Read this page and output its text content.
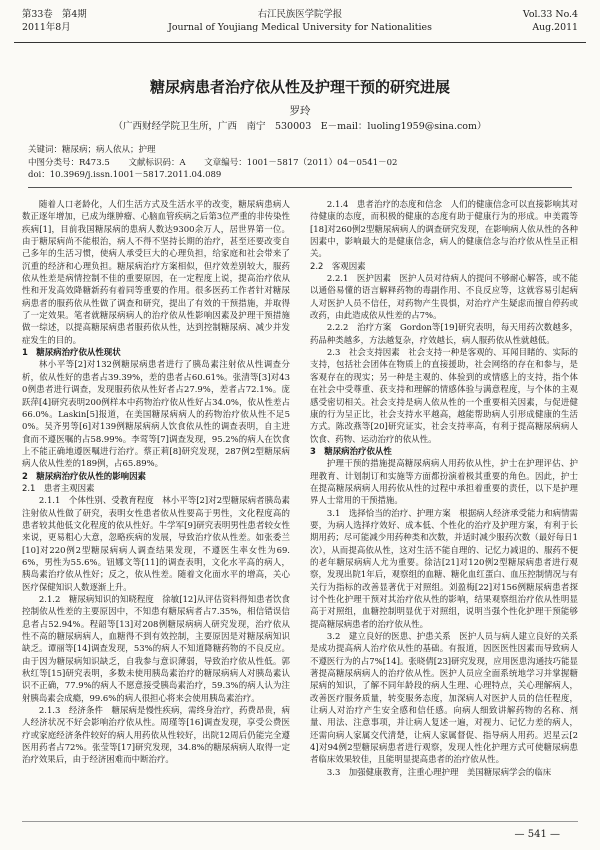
第33卷　第4期
2011年8月
右江民族医学院学报
Journal of Youjiang Medical University for Nationalities
Vol.33 No.4
Aug.2011
糖尿病患者治疗依从性及护理干预的研究进展
罗玲
（广西财经学院卫生所，广西　南宁　530003　E－mail：luoling1959@sina.com）
关键词：糖尿病；病人依从；护理
中图分类号：R473.5 文献标识码：A 文章编号：1001－5817（2011）04－0541－02
doi：10.3969/j.issn.1001－5817.2011.04.089

随着人口老龄化，人们生活方式及生活水平的改变，糖尿病患病人数正逐年增加，已成为继肿瘤、心脑血管疾病之后第3位严重的非传染性疾病[1]，目前我国糖尿病的患病人数达9300余万人，居世界第一位。由于糖尿病尚不能根治，病人不得不坚持长期的治疗，甚至还要改变自己多年的生活习惯，使病人承受巨大的心理负担，给家庭和社会带来了沉重的经济和心理负担。糖尿病治疗方案相似，但疗效差别较大，服药依从性差是病情控制不佳的重要原因，在一定程度上说，提高治疗依从性和开发高效降糖新药有着同等重要的作用。很多医药工作者针对糖尿病患者的服药依从性做了调查和研究，提出了有效的干预措施，并取得了一定效果。笔者就糖尿病病人的治疗依从性影响因素及护理干预措施做一综述，以提高糖尿病患者服药依从性，达到控制糖尿病、减少并发症发生的目的。

1　糖尿病治疗依从性现状

林小平等[2]对132例糖尿病患者进行了胰岛素注射依从性调查分析，依从性好的患者占39.39%，差的患者占60.61%。张清等[3]对430例患者进行调查，发现服药依从性好者占27.9%，差者占72.1%。庞跃萍[4]研究表明200例样本中药物治疗依从性好占34.0%，依从性差占66.0%。Laskin[5]报道，在美国糖尿病病人的药物治疗依从性不足50%。吴齐男等[6]对139例糖尿病病人饮食依从性的调查表明，自主进食而不遵医嘱的占58.99%。李莺等[7]调查发现，95.2%的病人在饮食上不能正确地遵医嘱进行治疗。蔡正莉[8]研究发现，287例2型糖尿病病人依从性差的189例，占65.89%。

2　糖尿病治疗依从性的影响因素

2.1　患者主观因素

2.1.1　个体性别、受教育程度　林小平等[2]对2型糖尿病者胰岛素注射依从性做了研究，表明女性患者依从性要高于男性，文化程度高的患者较其他低文化程度的依从性好。牛学军[9]研究表明男性患者较女性来说，更易粗心大意，忽略疾病的发展，导致治疗依从性差。如张委兰[10]对220例2型糖尿病病人调查结果发现，不遵医生率女性为69.6%，男性为55.6%。钮娜文等[11]的调查表明，文化水平高的病人，胰岛素治疗依从性好；反之，依从性差。随着文化面水平的增高，关心医疗保健知识人数逐渐上升。

2.1.2　糖尿病知识的知晓程度　徐敏[12]从评估资料得知患者饮食控制依从性差的主要原因中，不知患有糖尿病者占7.35%，相信错误信息者占52.94%。程韶等[13]对208例糖尿病病人研究发现，治疗依从性不高的糖尿病病人，血糖得不到有效控制，主要原因是对糖尿病知识缺乏。谭丽等[14]调查发现，53%的病人不知道降糖药物的不良反应。由于因为糖尿病知识缺乏，自我参与意识薄弱，导致治疗依从性低。郭秋红等[15]研究表明，多数未使用胰岛素治疗的糖尿病病人对胰岛素认识不正确，77.9%的病人不愿意接受胰岛素治疗，59.3%的病人认为注射胰岛素会成瘾，99.6%的病人很担心将来会使用胰岛素治疗。

2.1.3　经济条件　糖尿病是慢性疾病，需终身治疗，药费昂贵，病人经济状况不好会影响治疗依从性。周瑾等[16]调查发现，享受公费医疗或家庭经济条件较好的病人用药依从性较好，出院12周后仍能完全遵医用药者占72%。张莹等[17]研究发现，34.8%的糖尿病病人取得一定治疗效果后，由于经济困难而中断治疗。

2.1.4　患者治疗的态度和信念　人们的健康信念可以直接影响其对待健康的态度，而积极的健康的态度有助于健康行为的形成。申美霞等[18]对260例2型糖尿病病人的调查研究发现，在影响病人依从性的各种因素中，影响最大的是健康信念，病人的健康信念与治疗依从性呈正相关。

2.2　客观因素

2.2.1　医护因素　医护人员对待病人的提问不够耐心解答，或不能以通俗易懂的语言解释药物的毒副作用、不良反应等，这就容易引起病人对医护人员不信任，对药物产生畏惧，对治疗产生疑虑而擅自停药或改药，由此造成依从性差的占7%。

2.2.2　治疗方案　Gordon等[19]研究表明，每天用药次数越多，药品种类越多，方法越复杂，疗效越长，病人服药依从性就越低。

2.3　社会支持因素　社会支持一种是客观的、耳闻目睹的、实际的支持，包括社会团体在物质上的直接援助，社会网络的存在和参与，是客观存在的现实；另一种是主观的、体验到的或情感上的支持，指个体在社会中受尊重、获支持和理解的情感体验与满意程度，与个体的主观感受密切相关。社会支持是病人依从性的一个重要相关因素，与促进健康的行为呈正比，社会支持水平越高，越能帮助病人引形成健康的生活方式。陈改燕等[20]研究证实，社会支持率高，有利于提高糖尿病病人饮食、药物、运动治疗的依从性。

3　糖尿病治疗依从性

护理干预的措施提高糖尿病病人用药依从性，护士在护理评估、护理教育、计划制订和实施等方面都扮演着极其重要的角色。因此，护士在提高糖尿病病人用药依从性的过程中承担着重要的责任，以下是护理界人士常用的干预措施。

3.1　选择恰当的治疗、护理方案　根据病人经济承受能力和病情需要，为病人选择疗效好、成本低、个性化的治疗及护理方案，有利于长期用药；尽可能减少用药种类和次数，并适时减少服药次数（最好每日1次），从而提高依从性，这对生活不能自理的、记忆力减退的、服药不便的老年糖尿病病人尤为重要。徐洁[21]对120例2型糖尿病患者进行观察，发现出院1年后，观察组的血糖、糖化血红蛋白、血压控制情况与有关行为指标的改善显著优于对照组。刘盈梅[22]对156例糖尿病患者探讨个性化护理干预对其治疗依从性的影响，结果观察组治疗依从性明显高于对照组，血糖控制明显优于对照组，说明当强个性化护理干预能够提高糖尿病患者的治疗依从性。

3.2　建立良好的医患、护患关系　医护人员与病人建立良好的关系是成功提高病人治疗依从性的基础。有报道，因医医性因素而导致病人不遵医行为的占7%[14]。张晓倩[23]研究发现，应用医患沟通技巧能显著提高糖尿病病人的治疗依从性。医护人员应全面系统地学习并掌握糖尿病的知识，了解不同年龄段的病人生理、心理特点，关心理解病人，改善医疗服务质量，转变服务态度，加深病人对医护人员的信任程度，让病人对治疗产生安全感和信任感。向病人细致讲解药物的名称、剂量、用法、注意事项，并让病人复述一遍，对视力、记忆力差的病人，还需向病人家属交代清楚，让病人家属督促、指导病人用药。迟星云[24]对94例2型糖尿病患者进行观察，发现人性化护理方式可使糖尿病患者临床效果较佳，且能明显提高患者的治疗依从性。

3.3　加强健康教育，注重心理护理　美国糖尿病学会的临床

— 541 —
